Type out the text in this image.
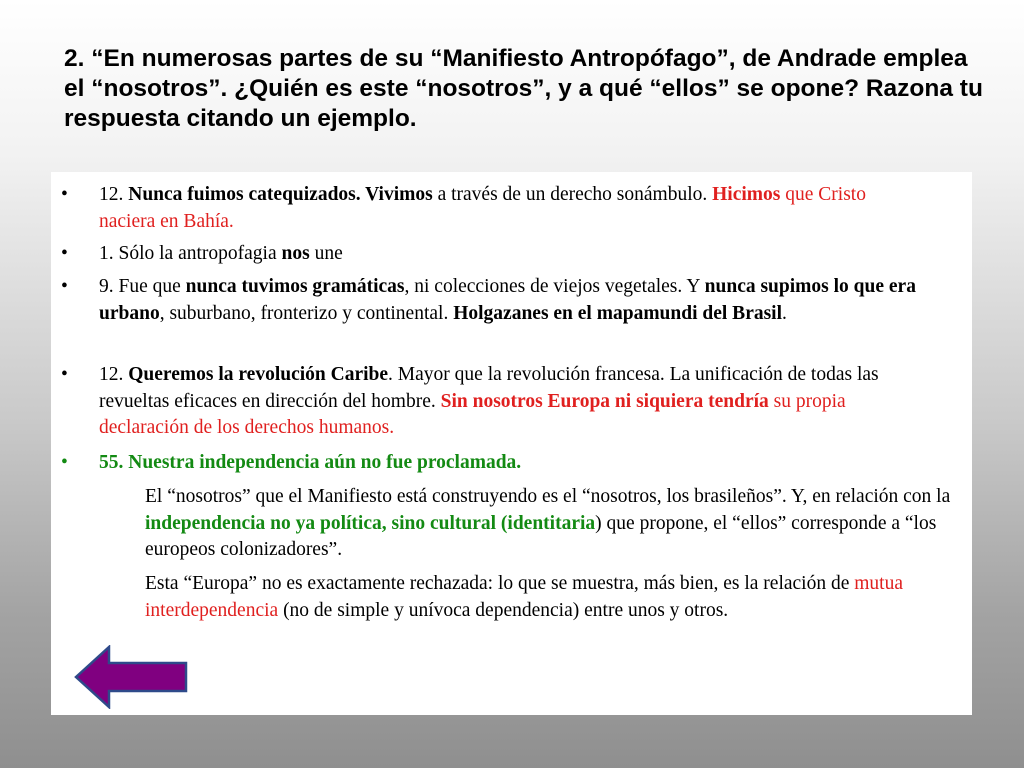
2. “En numerosas partes de su “Manifiesto Antropófago”, de Andrade emplea el “nosotros”. ¿Quién es este “nosotros”, y a qué “ellos” se opone? Razona tu respuesta citando un ejemplo.
• 12. Nunca fuimos catequizados. Vivimos a través de un derecho sonámbulo. Hicimos que Cristo naciera en Bahía.
• 1. Sólo la antropofagia nos une
• 9. Fue que nunca tuvimos gramáticas, ni colecciones de viejos vegetales. Y nunca supimos lo que era urbano, suburbano, fronterizo y continental. Holgazanes en el mapamundi del Brasil.
• 12. Queremos la revolución Caribe. Mayor que la revolución francesa. La unificación de todas las revueltas eficaces en dirección del hombre. Sin nosotros Europa ni siquiera tendría su propia declaración de los derechos humanos.
• 55. Nuestra independencia aún no fue proclamada.
El “nosotros” que el Manifiesto está construyendo es el “nosotros, los brasileños”. Y, en relación con la independencia no ya política, sino cultural (identitaria) que propone, el “ellos” corresponde a “los europeos colonizadores”.
Esta “Europa” no es exactamente rechazada: lo que se muestra, más bien, es la relación de mutua interdependencia (no de simple y unívoca dependencia) entre unos y otros.
